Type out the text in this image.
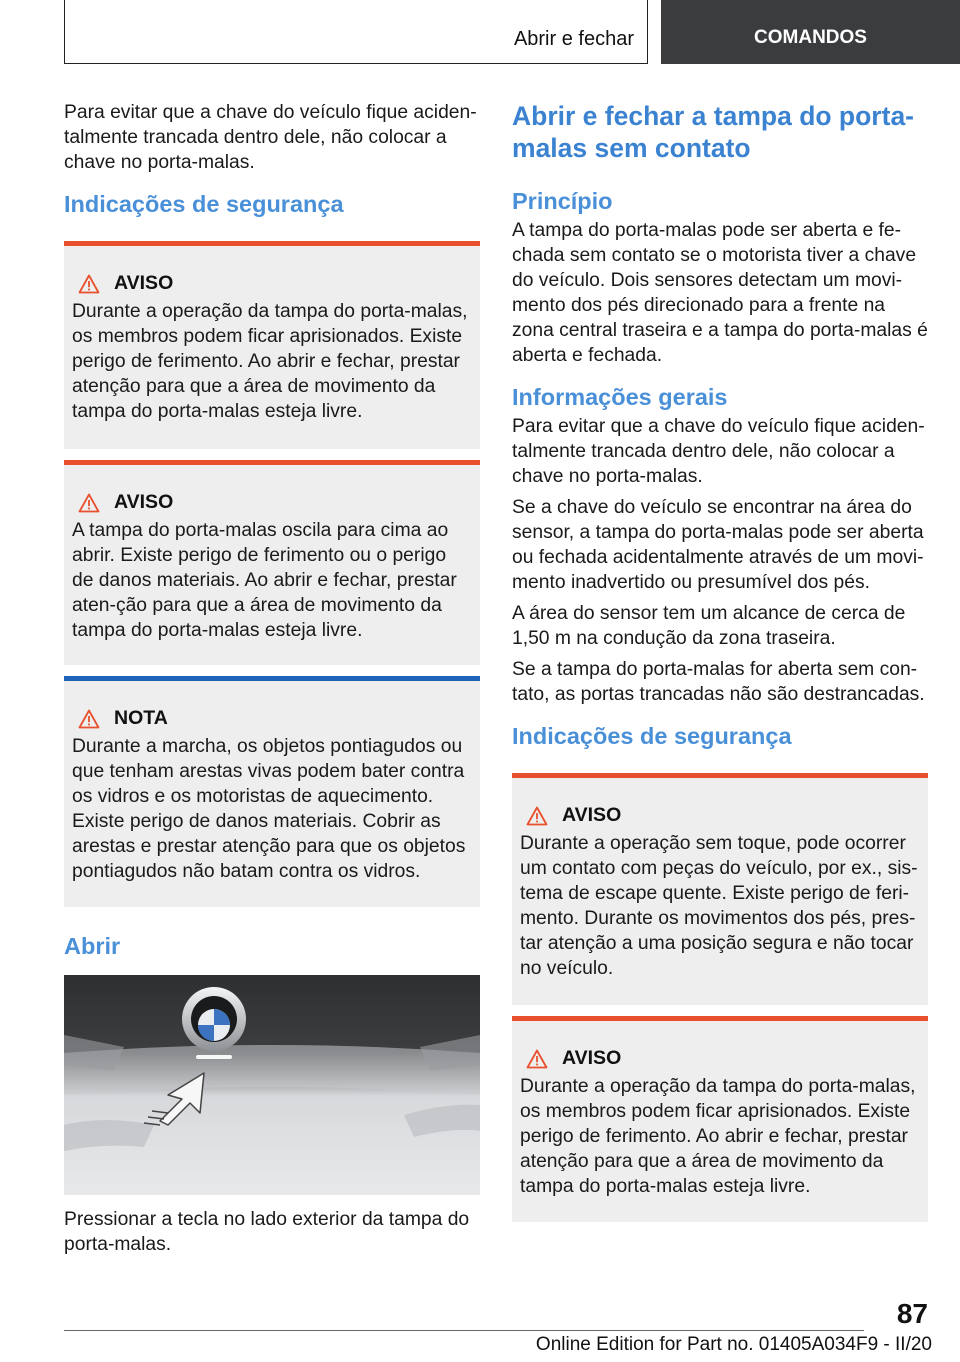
Abrir e fechar	COMANDOS

Para evitar que a chave do veículo fique aciden-talmente trancada dentro dele, não colocar a chave no porta-malas.

Indicações de segurança
AVISO

Durante a operação da tampa do porta-malas, os membros podem ficar aprisionados. Existe perigo de ferimento. Ao abrir e fechar, prestar atenção para que a área de movimento da tampa do porta-malas esteja livre.

AVISO

A tampa do porta-malas oscila para cima ao abrir. Existe perigo de ferimento ou o perigo de danos materiais. Ao abrir e fechar, prestar aten-ção para que a área de movimento da tampa do porta-malas esteja livre.

NOTA

Durante a marcha, os objetos pontiagudos ou que tenham arestas vivas podem bater contra os vidros e os motoristas de aquecimento. Existe perigo de danos materiais. Cobrir as arestas e prestar atenção para que os objetos pontiagudos não batam contra os vidros.

Abrir

Pressionar a tecla no lado exterior da tampa do porta-malas.

Abrir e fechar a tampa do porta-malas sem contato
Princípio

A tampa do porta-malas pode ser aberta e fe-chada sem contato se o motorista tiver a chave do veículo. Dois sensores detectam um movi-mento dos pés direcionado para a frente na zona central traseira e a tampa do porta-malas é aberta e fechada.

Informações gerais

Para evitar que a chave do veículo fique aciden-talmente trancada dentro dele, não colocar a chave no porta-malas.

Se a chave do veículo se encontrar na área do sensor, a tampa do porta-malas pode ser aberta ou fechada acidentalmente através de um movi-mento inadvertido ou presumível dos pés.

A área do sensor tem um alcance de cerca de 1,50 m na condução da zona traseira.

Se a tampa do porta-malas for aberta sem con-tato, as portas trancadas não são destrancadas.

Indicações de segurança
AVISO

Durante a operação sem toque, pode ocorrer um contato com peças do veículo, por ex., sis-tema de escape quente. Existe perigo de feri-mento. Durante os movimentos dos pés, pres-tar atenção a uma posição segura e não tocar no veículo.

AVISO

Durante a operação da tampa do porta-malas, os membros podem ficar aprisionados. Existe perigo de ferimento. Ao abrir e fechar, prestar atenção para que a área de movimento da tampa do porta-malas esteja livre.

87
Online Edition for Part no. 01405A034F9 - II/20
